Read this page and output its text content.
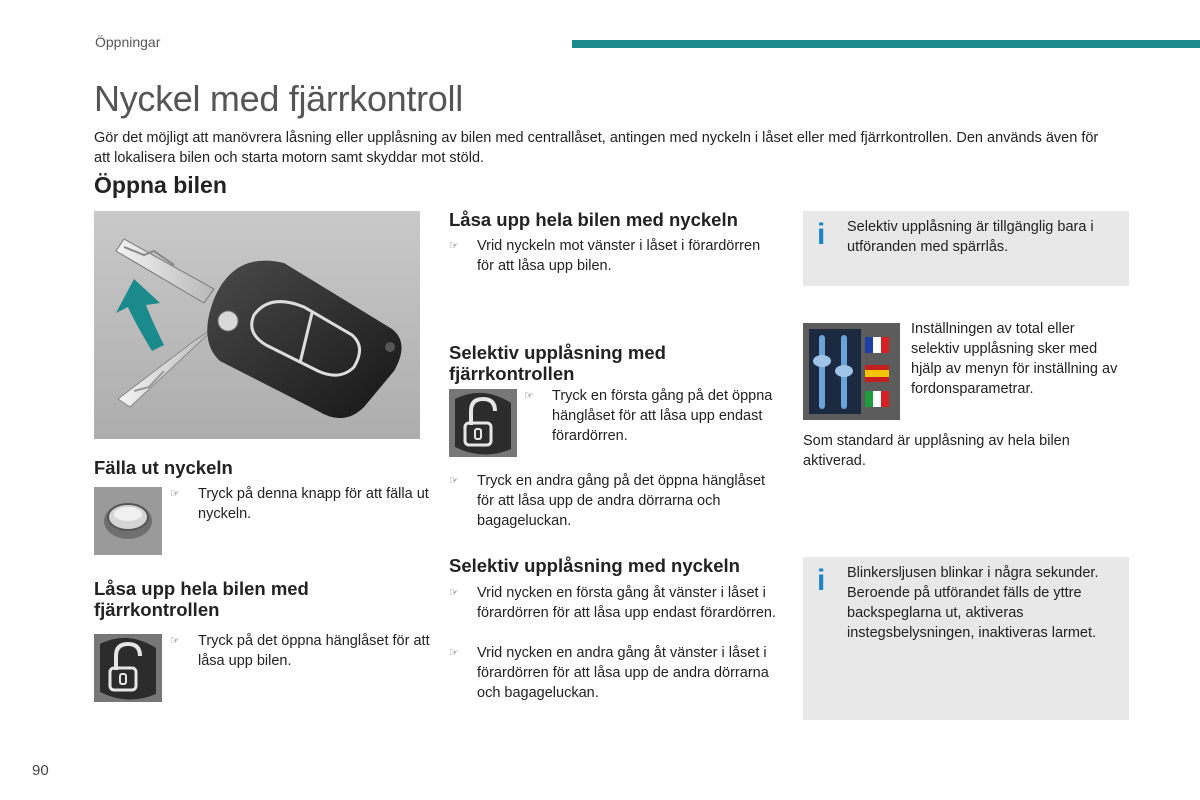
Öppningar
Nyckel med fjärrkontroll
Gör det möjligt att manövrera låsning eller upplåsning av bilen med centrallåset, antingen med nyckeln i låset eller med fjärrkontrollen. Den används även för att lokalisera bilen och starta motorn samt skyddar mot stöld.
Öppna bilen
Fälla ut nyckeln
☞ Tryck på denna knapp för att fälla ut nyckeln.
Låsa upp hela bilen med
fjärrkontrollen
☞ Tryck på det öppna hänglåset för att låsa upp bilen.
Låsa upp hela bilen med nyckeln
☞ Vrid nyckeln mot vänster i låset i förardörren för att låsa upp bilen.
Selektiv upplåsning med
fjärrkontrollen
☞ Tryck en första gång på det öppna hänglåset för att låsa upp endast förardörren.
☞ Tryck en andra gång på det öppna hänglåset för att låsa upp de andra dörrarna och bagageluckan.
Selektiv upplåsning med nyckeln
☞ Vrid nycken en första gång åt vänster i låset i förardörren för att låsa upp endast förardörren.
☞ Vrid nycken en andra gång åt vänster i låset i förardörren för att låsa upp de andra dörrarna och bagageluckan.
i Selektiv upplåsning är tillgänglig bara i utföranden med spärrlås.
Inställningen av total eller selektiv upplåsning sker med hjälp av menyn för inställning av fordonsparametrar.
Som standard är upplåsning av hela bilen aktiverad.
i Blinkersljusen blinkar i några sekunder. Beroende på utförandet fälls de yttre backspeglarna ut, aktiveras instegsbelysningen, inaktiveras larmet.
90
